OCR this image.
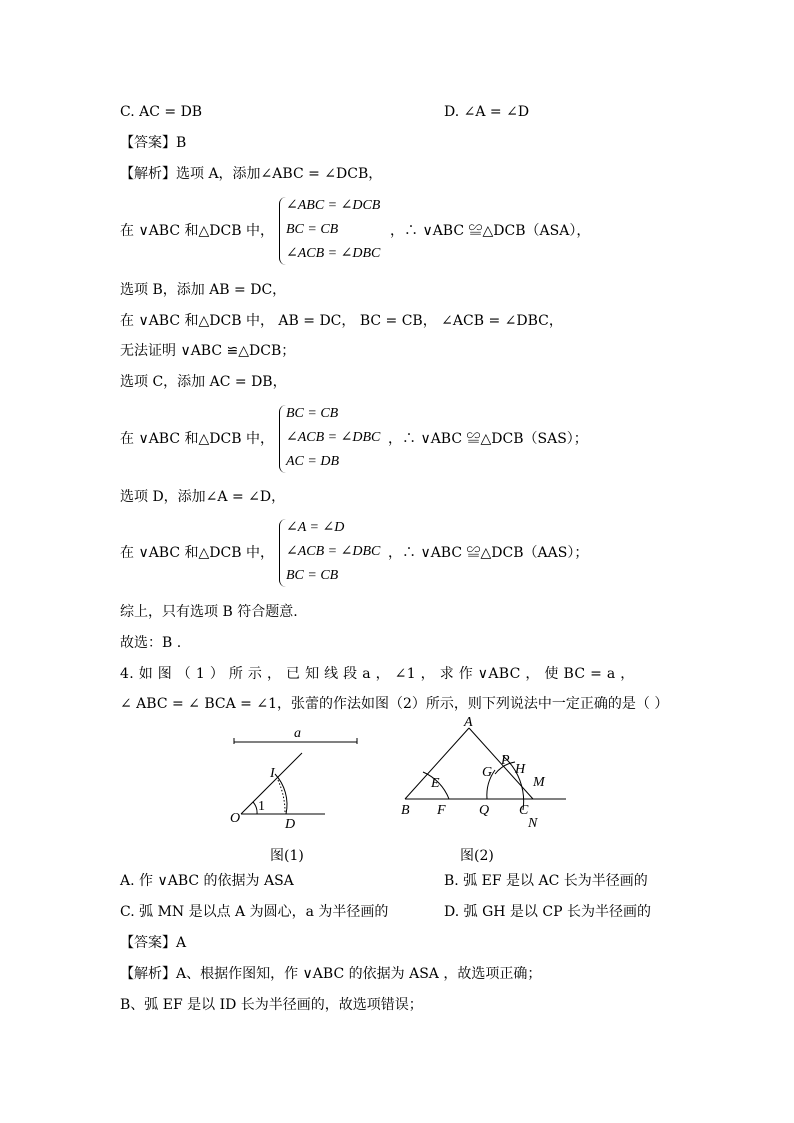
C. AC = DB	D. ∠A = ∠D
【答案】B
【解析】选项 A，添加∠ABC = ∠DCB，
在 ∨ABC 和△DCB 中，
∠ABC = ∠DCB
BC = CB
∠ACB = ∠DBC
，∴ ∨ABC ≌△DCB（ASA），
选项 B，添加 AB = DC，
在 ∨ABC 和△DCB 中， AB = DC， BC = CB， ∠ACB = ∠DBC，
无法证明 ∨ABC ≌△DCB；
选项 C，添加 AC = DB，
在 ∨ABC 和△DCB 中，
BC = CB
∠ACB = ∠DBC
AC = DB
，∴ ∨ABC ≌△DCB（SAS）；
选项 D，添加∠A = ∠D，
在 ∨ABC 和△DCB 中，
∠A = ∠D
∠ACB = ∠DBC
BC = CB
，∴ ∨ABC ≌△DCB（AAS）；
综上，只有选项 B 符合题意.
故选：B .
4. 如 图 （ 1 ） 所 示 ， 已 知 线 段 a ， ∠1 ， 求 作 ∨ABC ， 使 BC = a ，
∠ ABC = ∠ BCA = ∠1，张蕾的作法如图（2）所示，则下列说法中一定正确的是（ ）
a
I
O
1
D
图(1)
A
P
H
G
E	M
B F Q C
N
图(2)
A. 作 ∨ABC 的依据为 ASA	B. 弧 EF 是以 AC 长为半径画的
C. 弧 MN 是以点 A 为圆心，a 为半径画的	D. 弧 GH 是以 CP 长为半径画的
【答案】A
【解析】A、根据作图知，作 ∨ABC 的依据为 ASA ，故选项正确；
B、弧 EF 是以 ID 长为半径画的，故选项错误；
